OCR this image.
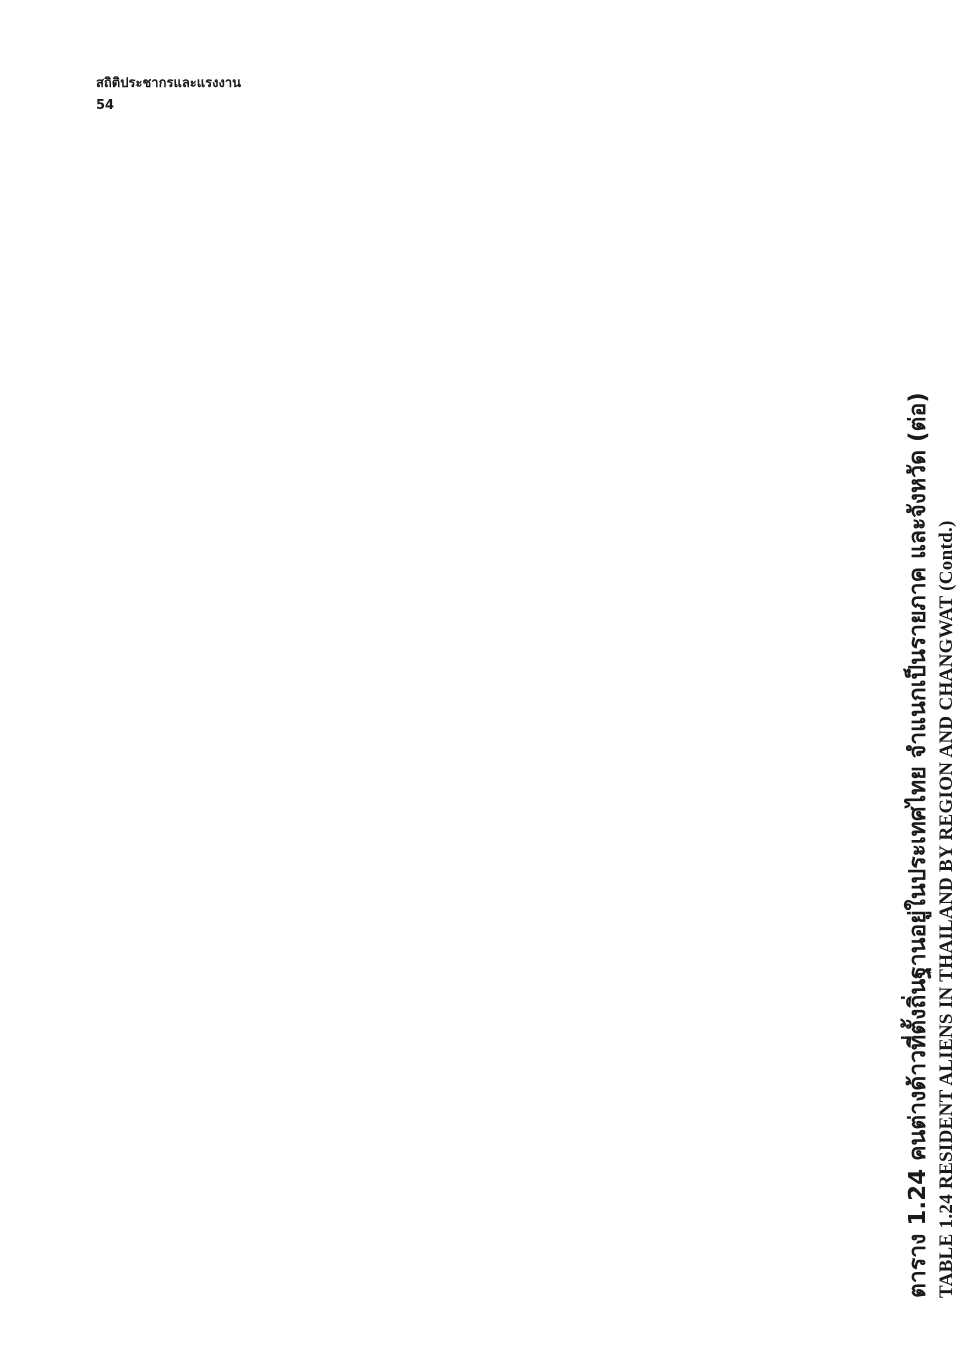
สถิติประชากรและแรงงาน
54
ตาราง 1.24 คนต่างด้าวที่ตั้งถิ่นฐานอยู่ในประเทศไทย จำแนกเป็นรายภาค และจังหวัด (ต่อ) TABLE 1.24 RESIDENT ALIENS IN THAILAND BY REGION AND CHANGWAT (Contd.)
